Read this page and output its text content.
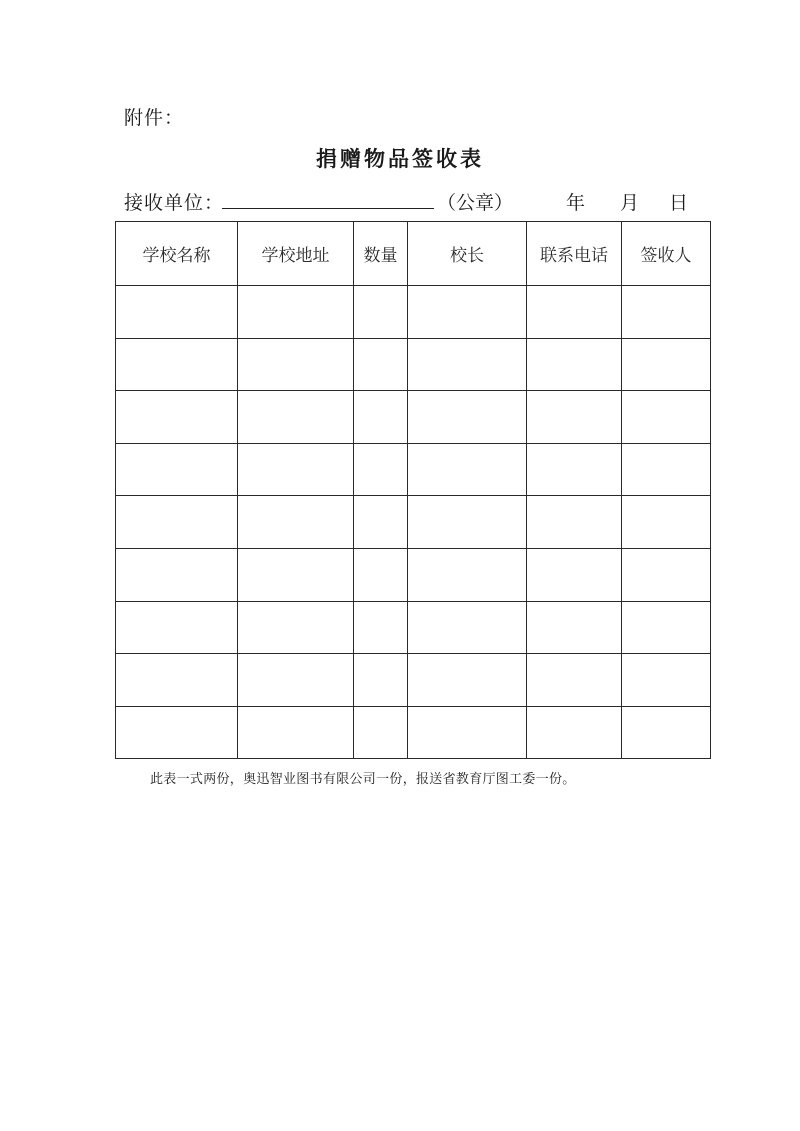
附件：
捐赠物品签收表
接收单位：	（公章）	年 月 日
学校名称	学校地址	数量	校长	联系电话	签收人

此表一式两份，奥迅智业图书有限公司一份，报送省教育厅图工委一份。
